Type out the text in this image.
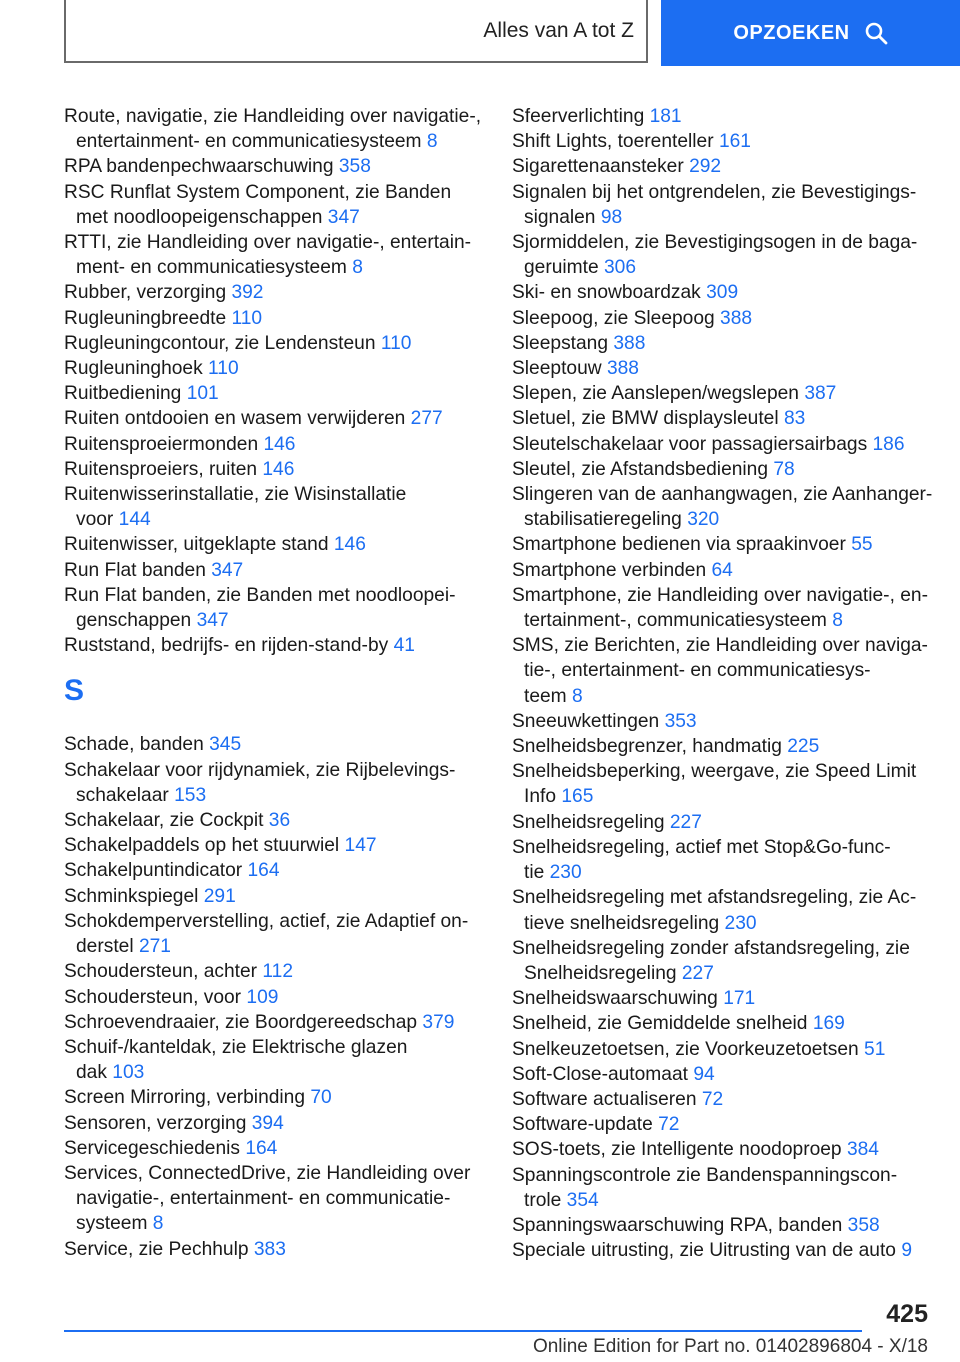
Alles van A tot Z	OPZOEKEN
Route, navigatie, zie Handleiding over navigatie-,
entertainment- en communicatiesysteem 8
RPA bandenpechwaarschuwing 358
RSC Runflat System Component, zie Banden
met noodloopeigenschappen 347
RTTI, zie Handleiding over navigatie-, entertain-
ment- en communicatiesysteem 8
Rubber, verzorging 392
Rugleuningbreedte 110
Rugleuningcontour, zie Lendensteun 110
Rugleuninghoek 110
Ruitbediening 101
Ruiten ontdooien en wasem verwijderen 277
Ruitensproeiermonden 146
Ruitensproeiers, ruiten 146
Ruitenwisserinstallatie, zie Wisinstallatie
voor 144
Ruitenwisser, uitgeklapte stand 146
Run Flat banden 347
Run Flat banden, zie Banden met noodloopei-
genschappen 347
Ruststand, bedrijfs- en rijden-stand-by 41
S
Schade, banden 345
Schakelaar voor rijdynamiek, zie Rijbelevings-
schakelaar 153
Schakelaar, zie Cockpit 36
Schakelpaddels op het stuurwiel 147
Schakelpuntindicator 164
Schminkspiegel 291
Schokdemperverstelling, actief, zie Adaptief on-
derstel 271
Schoudersteun, achter 112
Schoudersteun, voor 109
Schroevendraaier, zie Boordgereedschap 379
Schuif-/kanteldak, zie Elektrische glazen
dak 103
Screen Mirroring, verbinding 70
Sensoren, verzorging 394
Servicegeschiedenis 164
Services, ConnectedDrive, zie Handleiding over
navigatie-, entertainment- en communicatie-
systeem 8
Service, zie Pechhulp 383
Sfeerverlichting 181
Shift Lights, toerenteller 161
Sigarettenaansteker 292
Signalen bij het ontgrendelen, zie Bevestigings-
signalen 98
Sjormiddelen, zie Bevestigingsogen in de baga-
geruimte 306
Ski- en snowboardzak 309
Sleepoog, zie Sleepoog 388
Sleepstang 388
Sleeptouw 388
Slepen, zie Aanslepen/wegslepen 387
Sletuel, zie BMW displaysleutel 83
Sleutelschakelaar voor passagiersairbags 186
Sleutel, zie Afstandsbediening 78
Slingeren van de aanhangwagen, zie Aanhanger-
stabilisatieregeling 320
Smartphone bedienen via spraakinvoer 55
Smartphone verbinden 64
Smartphone, zie Handleiding over navigatie-, en-
tertainment-, communicatiesysteem 8
SMS, zie Berichten, zie Handleiding over naviga-
tie-, entertainment- en communicatiesys-
teem 8
Sneeuwkettingen 353
Snelheidsbegrenzer, handmatig 225
Snelheidsbeperking, weergave, zie Speed Limit
Info 165
Snelheidsregeling 227
Snelheidsregeling, actief met Stop&Go-func-
tie 230
Snelheidsregeling met afstandsregeling, zie Ac-
tieve snelheidsregeling 230
Snelheidsregeling zonder afstandsregeling, zie
Snelheidsregeling 227
Snelheidswaarschuwing 171
Snelheid, zie Gemiddelde snelheid 169
Snelkeuzetoetsen, zie Voorkeuzetoetsen 51
Soft-Close-automaat 94
Software actualiseren 72
Software-update 72
SOS-toets, zie Intelligente noodoproep 384
Spanningscontrole zie Bandenspanningscon-
trole 354
Spanningswaarschuwing RPA, banden 358
Speciale uitrusting, zie Uitrusting van de auto 9
425
Online Edition for Part no. 01402896804 - X/18
